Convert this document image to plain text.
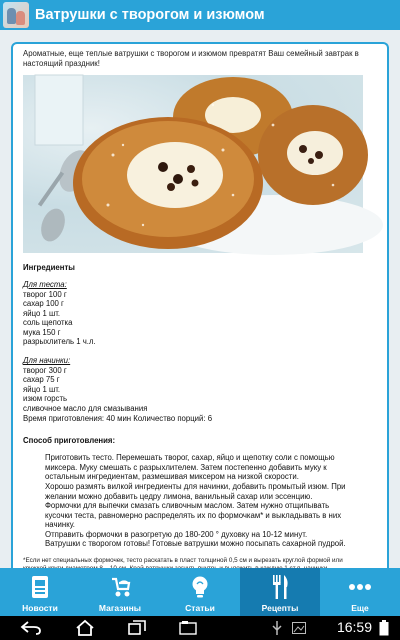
Ватрушки с творогом и изюмом
Ароматные, еще теплые ватрушки с творогом и изюмом превратят Ваш семейный завтрак в настоящий праздник!
Ингредиенты
Для теста:
творог 100 г
сахар 100 г
яйцо 1 шт.
соль щепотка
мука 150 г
разрыхлитель 1 ч.л.
Для начинки:
творог 300 г
сахар 75 г
яйцо 1 шт.
изюм горсть
сливочное масло для смазывания
Время приготовления: 40 мин Количество порций: 6
Способ приготовления:
Приготовить тесто. Перемешать творог, сахар, яйцо и щепотку соли с помощью
миксера. Муку смешать с разрыхлителем. Затем постепенно добавить муку к
остальным ингредиентам, размешивая миксером на низкой скорости.
Хорошо размять вилкой ингредиенты для начинки, добавить промытый изюм. При
желании можно добавить цедру лимона, ванильный сахар или эссенцию.
Формочки для выпечки смазать сливочным маслом. Затем нужно отщипывать
кусочки теста, равномерно распределять их по формочкам* и выкладывать в них
начинку.
Отправить формочки в разогретую до 180-200 ° духовку на 10-12 минут.
Ватрушки с творогом готовы! Готовые ватрушки можно посыпать сахарной пудрой.
*Если нет специальных формочек, тесто раскатать в пласт толщиной 0,5 см и вырезать круглой формой или
Новости	Магазины	Статьи	Рецепты	Еще
16:59
